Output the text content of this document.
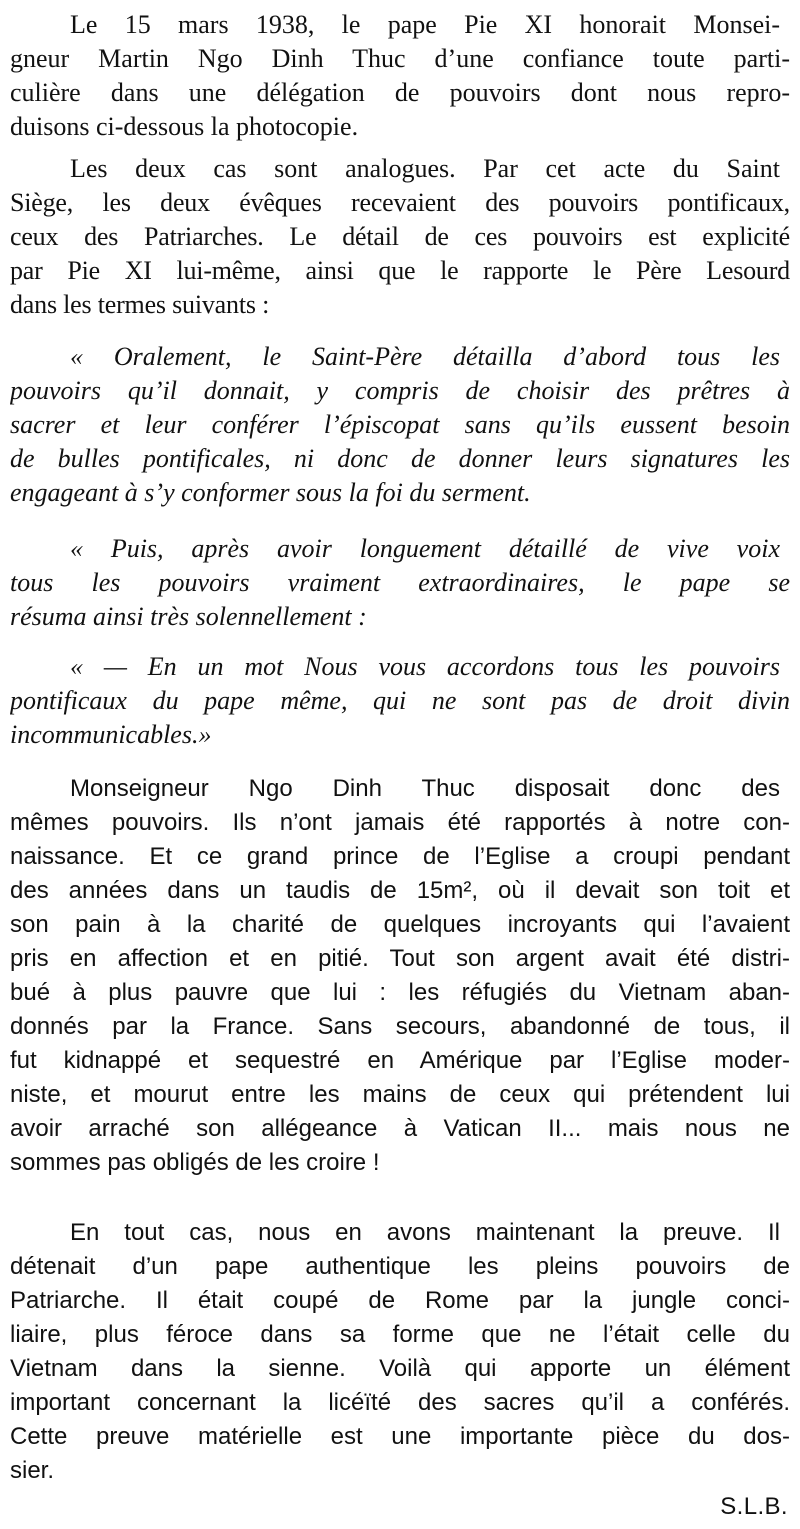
Le 15 mars 1938, le pape Pie XI honorait Monsei-
gneur Martin Ngo Dinh Thuc d’une confiance toute parti-
culière dans une délégation de pouvoirs dont nous repro-
duisons ci-dessous la photocopie.
Les deux cas sont analogues. Par cet acte du Saint
Siège, les deux évêques recevaient des pouvoirs pontificaux,
ceux des Patriarches. Le détail de ces pouvoirs est explicité
par Pie XI lui-même, ainsi que le rapporte le Père Lesourd
dans les termes suivants :
« Oralement, le Saint-Père détailla d’abord tous les
pouvoirs qu’il donnait, y compris de choisir des prêtres à
sacrer et leur conférer l’épiscopat sans qu’ils eussent besoin
de bulles pontificales, ni donc de donner leurs signatures les
engageant à s’y conformer sous la foi du serment.
« Puis, après avoir longuement détaillé de vive voix
tous les pouvoirs vraiment extraordinaires, le pape se
résuma ainsi très solennellement :
« — En un mot Nous vous accordons tous les pouvoirs
pontificaux du pape même, qui ne sont pas de droit divin
incommunicables.»
Monseigneur Ngo Dinh Thuc disposait donc des
mêmes pouvoirs. Ils n’ont jamais été rapportés à notre con-
naissance. Et ce grand prince de l’Eglise a croupi pendant
des années dans un taudis de 15m², où il devait son toit et
son pain à la charité de quelques incroyants qui l’avaient
pris en affection et en pitié. Tout son argent avait été distri-
bué à plus pauvre que lui : les réfugiés du Vietnam aban-
donnés par la France. Sans secours, abandonné de tous, il
fut kidnappé et sequestré en Amérique par l’Eglise moder-
niste, et mourut entre les mains de ceux qui prétendent lui
avoir arraché son allégeance à Vatican II... mais nous ne
sommes pas obligés de les croire !
En tout cas, nous en avons maintenant la preuve. Il
détenait d’un pape authentique les pleins pouvoirs de
Patriarche. Il était coupé de Rome par la jungle conci-
liaire, plus féroce dans sa forme que ne l’était celle du
Vietnam dans la sienne. Voilà qui apporte un élément
important concernant la licéïté des sacres qu’il a conférés.
Cette preuve matérielle est une importante pièce du dos-
sier.
S.L.B.
